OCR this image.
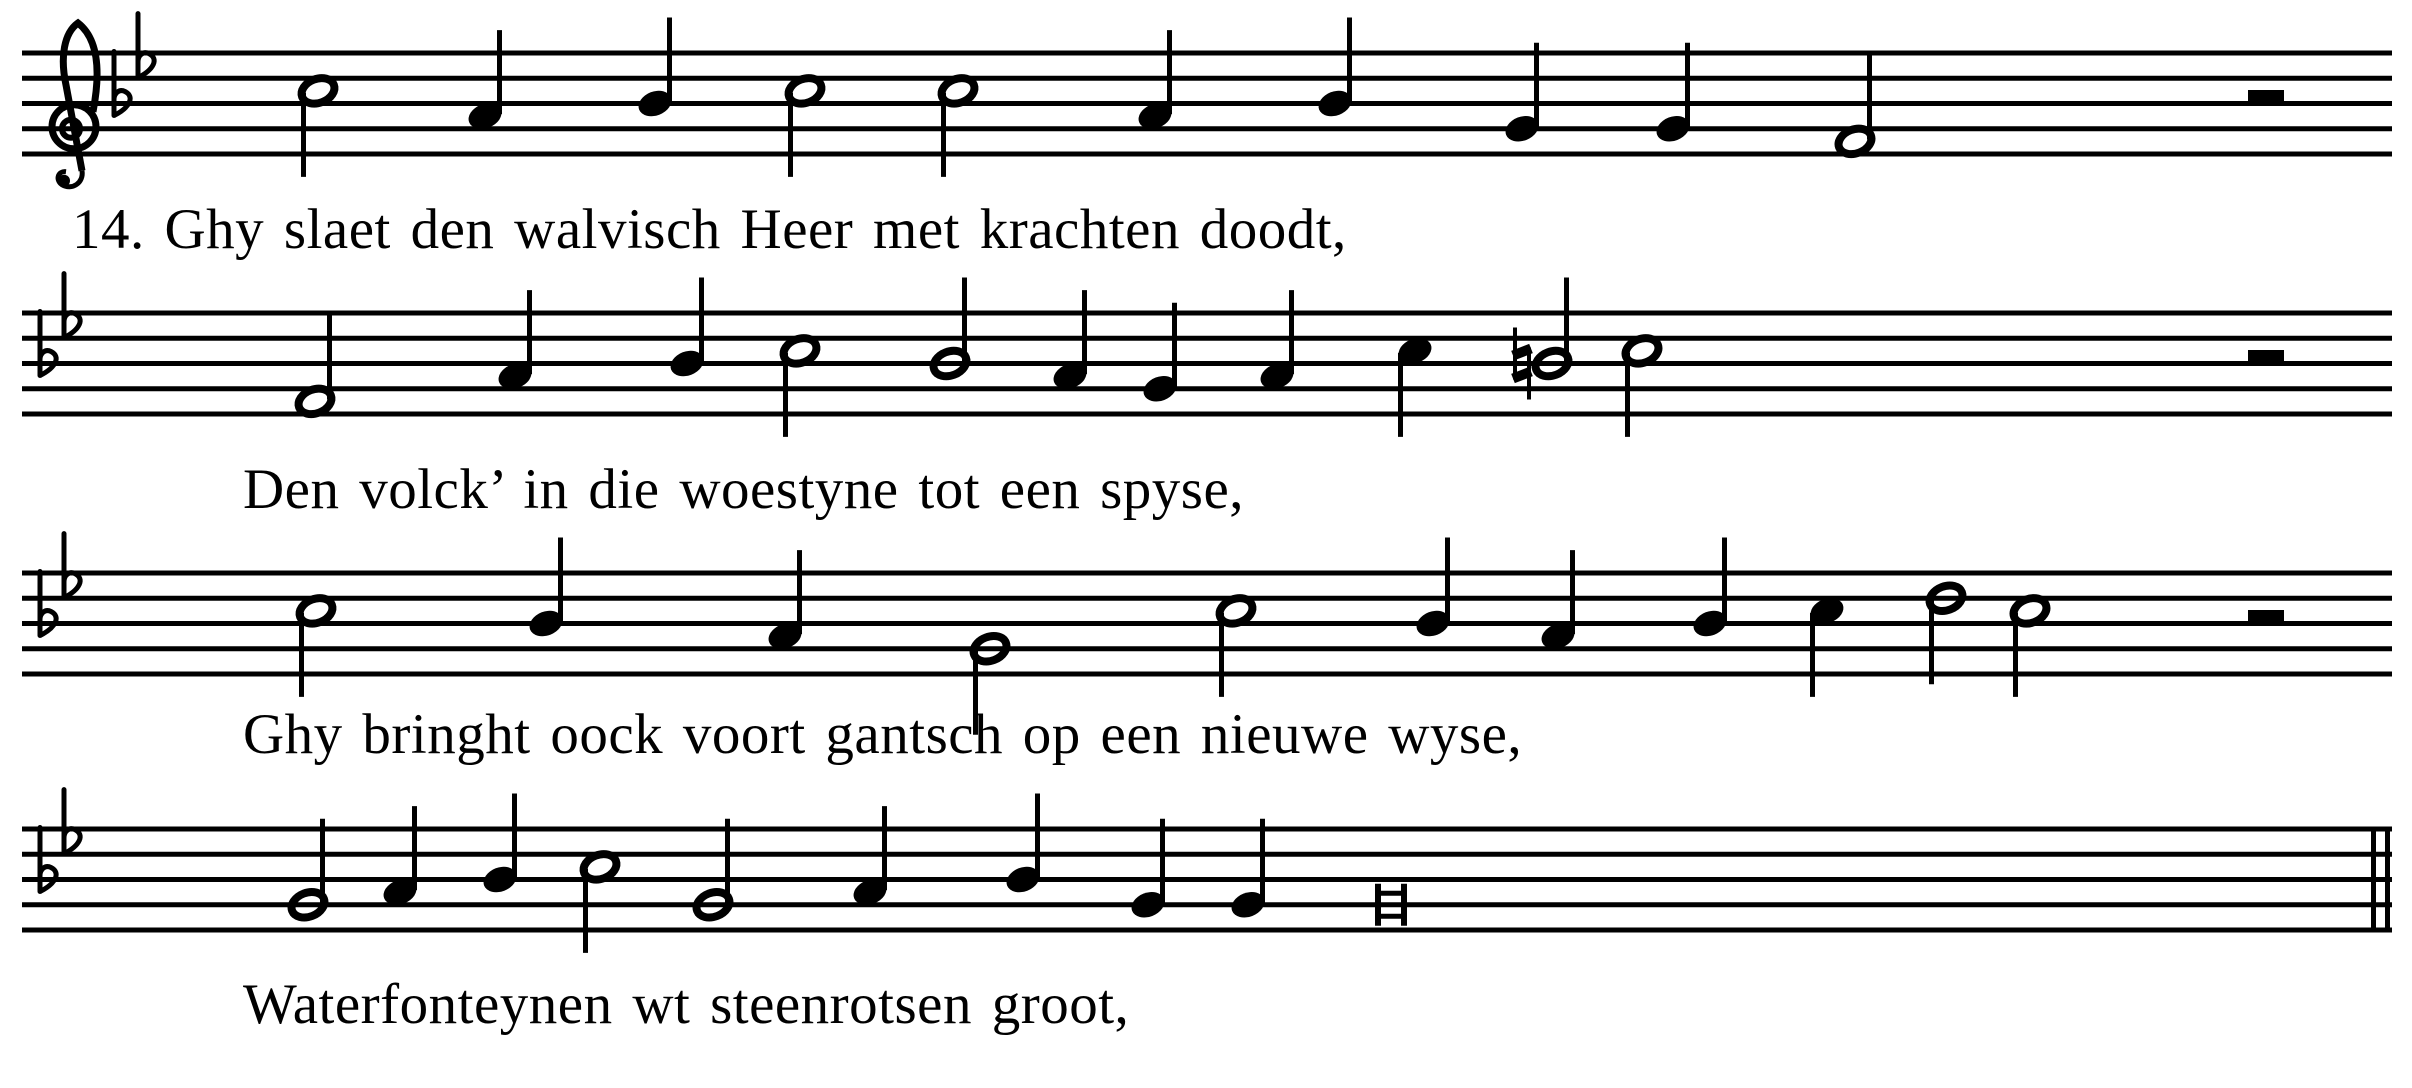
14. Ghy slaet den walvisch Heer met krachten doodt,
Den volck’ in die woestyne tot een spyse,
Ghy bringht oock voort gantsch op een nieuwe wyse,
Waterfonteynen wt steenrotsen groot,
